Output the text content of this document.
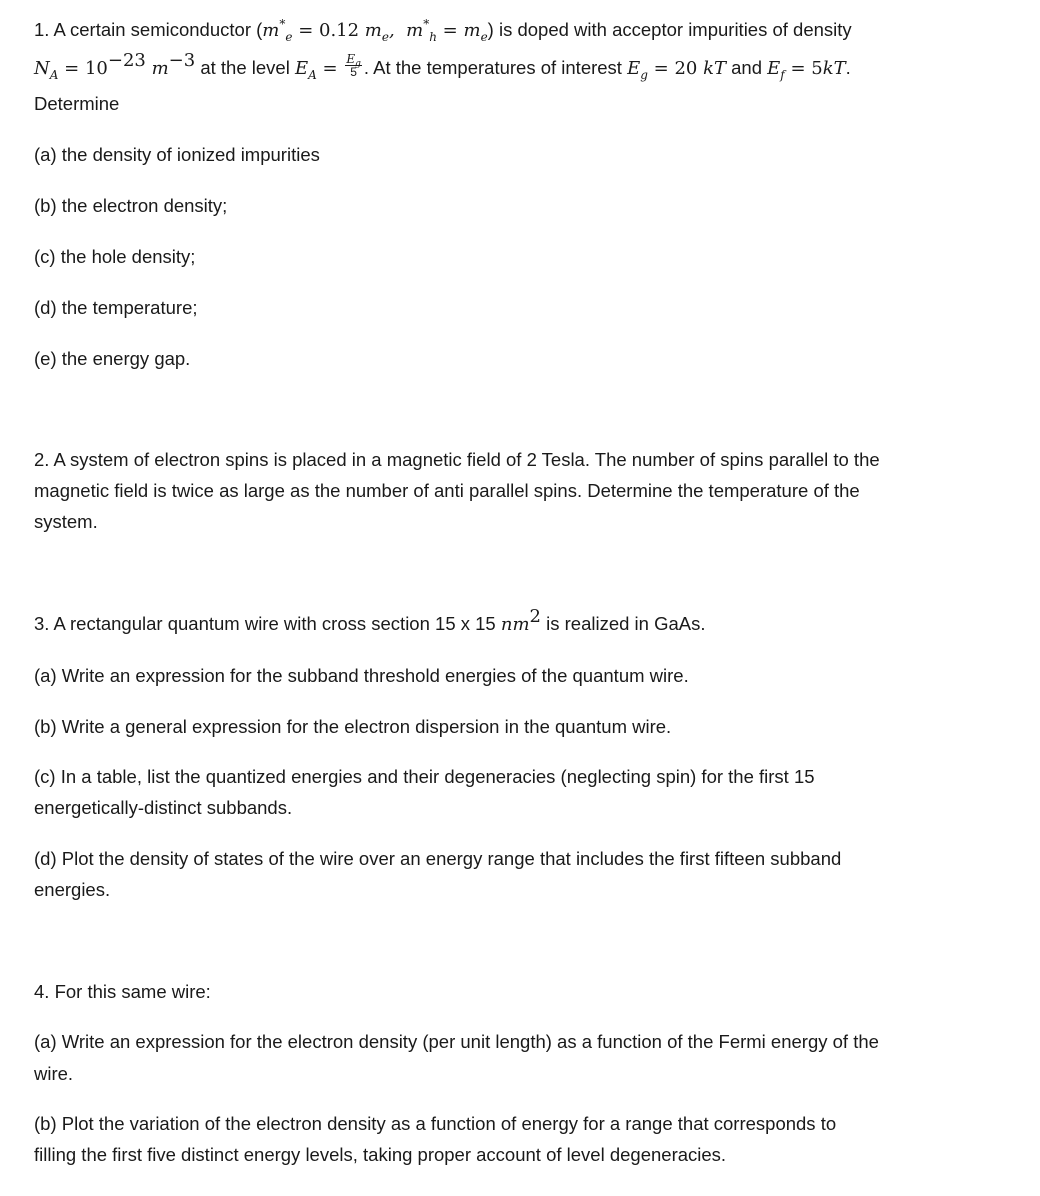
1. A certain semiconductor ($m^*_e = 0.12$ $m_e$,  $m^*_h = m_e$) is doped with acceptor impurities of density
$N_A = 10^{-23}$ $m^{-3}$ at the level $E_A = \frac{E_g}{5}$ . At the temperatures of interest $E_g = 20$ kT and $E_f = 5kT$.
Determine
(a) the density of ionized impurities
(b) the electron density;
(c) the hole density;
(d) the temperature;
(e) the energy gap.
2. A system of electron spins is placed in a magnetic field of 2 Tesla. The number of spins parallel to the
magnetic field is twice as large as the number of anti parallel spins. Determine the temperature of the
system.
3. A rectangular quantum wire with cross section 15 x 15 $nm^2$ is realized in GaAs.
(a) Write an expression for the subband threshold energies of the quantum wire.
(b) Write a general expression for the electron dispersion in the quantum wire.
(c) In a table, list the quantized energies and their degeneracies (neglecting spin) for the first 15
energetically-distinct subbands.
(d) Plot the density of states of the wire over an energy range that includes the first fifteen subband
energies.
4. For this same wire:
(a) Write an expression for the electron density (per unit length) as a function of the Fermi energy of the
wire.
(b) Plot the variation of the electron density as a function of energy for a range that corresponds to
filling the first five distinct energy levels, taking proper account of level degeneracies.
